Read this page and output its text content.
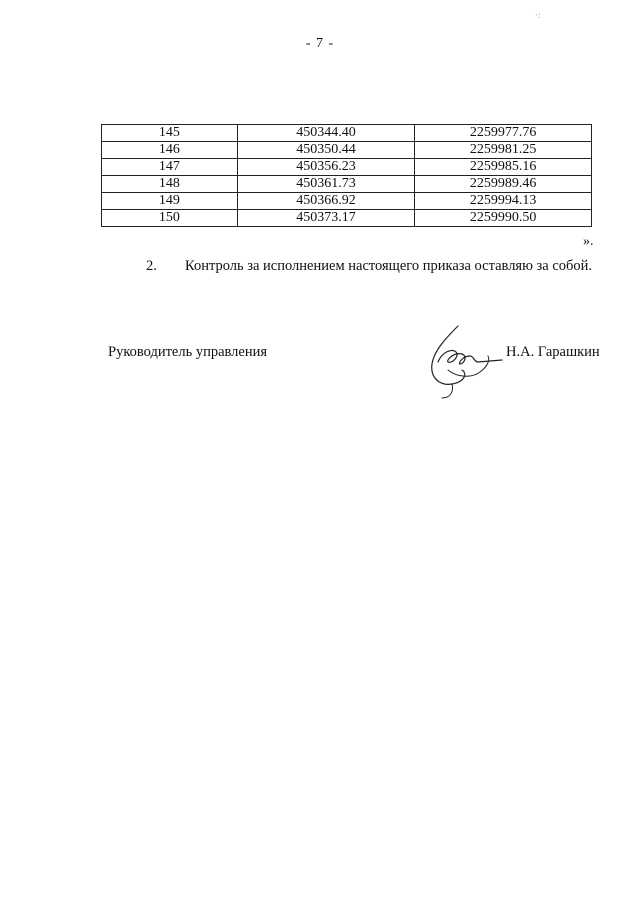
- 7 -
·:
145	450344.40	2259977.76
146	450350.44	2259981.25
147	450356.23	2259985.16
148	450361.73	2259989.46
149	450366.92	2259994.13
150	450373.17	2259990.50
».
2. Контроль за исполнением настоящего приказа оставляю за собой.
Руководитель управления	Н.А. Гарашкин
